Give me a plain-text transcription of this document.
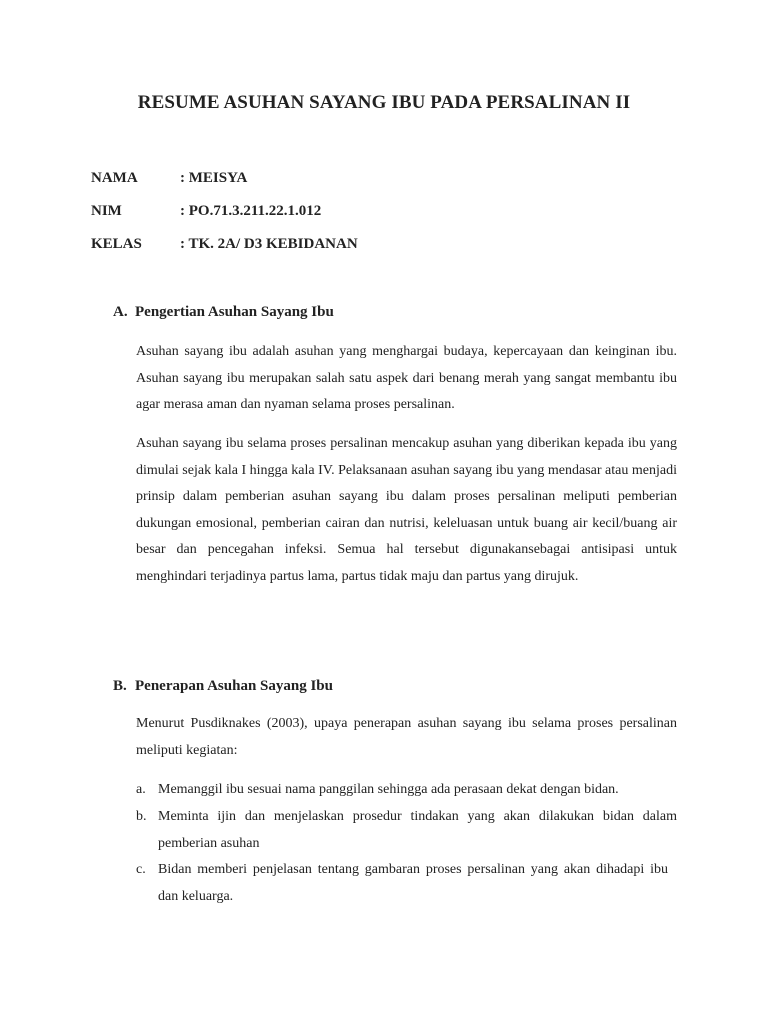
RESUME ASUHAN SAYANG IBU PADA PERSALINAN II
NAMA	: MEISYA
NIM	: PO.71.3.211.22.1.012
KELAS	: TK. 2A/ D3 KEBIDANAN
A. Pengertian Asuhan Sayang Ibu

Asuhan sayang ibu adalah asuhan yang menghargai budaya, kepercayaan dan keinginan ibu. Asuhan sayang ibu merupakan salah satu aspek dari benang merah yang sangat membantu ibu agar merasa aman dan nyaman selama proses persalinan.

Asuhan sayang ibu selama proses persalinan mencakup asuhan yang diberikan kepada ibu yang dimulai sejak kala I hingga kala IV. Pelaksanaan asuhan sayang ibu yang mendasar atau menjadi prinsip dalam pemberian asuhan sayang ibu dalam proses persalinan meliputi pemberian dukungan emosional, pemberian cairan dan nutrisi, keleluasan untuk buang air kecil/buang air besar dan pencegahan infeksi. Semua hal tersebut digunakansebagai antisipasi untuk menghindari terjadinya partus lama, partus tidak maju dan partus yang dirujuk.

B. Penerapan Asuhan Sayang Ibu

Menurut Pusdiknakes (2003), upaya penerapan asuhan sayang ibu selama proses persalinan meliputi kegiatan:

a. Memanggil ibu sesuai nama panggilan sehingga ada perasaan dekat dengan bidan.
b. Meminta ijin dan menjelaskan prosedur tindakan yang akan dilakukan bidan dalam pemberian asuhan
c. Bidan memberi penjelasan tentang gambaran proses persalinan yang akan dihadapi ibu dan keluarga.
